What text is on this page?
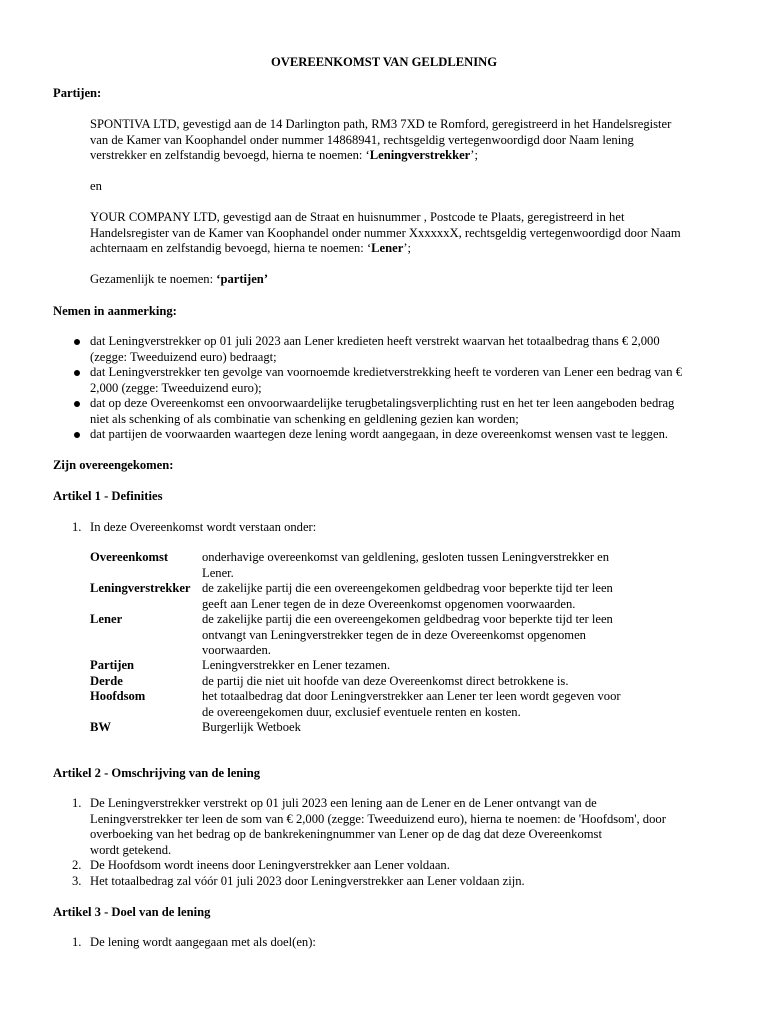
OVEREENKOMST VAN GELDLENING
Partijen:
SPONTIVA LTD, gevestigd aan de 14 Darlington path, RM3 7XD te Romford, geregistreerd in het Handelsregister
van de Kamer van Koophandel onder nummer 14868941, rechtsgeldig vertegenwoordigd door Naam lening
verstrekker en zelfstandig bevoegd, hierna te noemen: ‘Leningverstrekker’;
en
YOUR COMPANY LTD, gevestigd aan de Straat en huisnummer , Postcode te Plaats, geregistreerd in het
Handelsregister van de Kamer van Koophandel onder nummer XxxxxxX, rechtsgeldig vertegenwoordigd door Naam
achternaam en zelfstandig bevoegd, hierna te noemen: ‘Lener’;
Gezamenlijk te noemen: ‘partijen’
Nemen in aanmerking:
dat Leningverstrekker op 01 juli 2023 aan Lener kredieten heeft verstrekt waarvan het totaalbedrag thans € 2,000
(zegge: Tweeduizend euro) bedraagt;
dat Leningverstrekker ten gevolge van voornoemde kredietverstrekking heeft te vorderen van Lener een bedrag van €
2,000 (zegge: Tweeduizend euro);
dat op deze Overeenkomst een onvoorwaardelijke terugbetalingsverplichting rust en het ter leen aangeboden bedrag
niet als schenking of als combinatie van schenking en geldlening gezien kan worden;
dat partijen de voorwaarden waartegen deze lening wordt aangegaan, in deze overeenkomst wensen vast te leggen.
Zijn overeengekomen:
Artikel 1 - Definities
1. In deze Overeenkomst wordt verstaan onder:
Overeenkomst	onderhavige overeenkomst van geldlening, gesloten tussen Leningverstrekker en
Lener.
Leningverstrekker de zakelijke partij die een overeengekomen geldbedrag voor beperkte tijd ter leen
geeft aan Lener tegen de in deze Overeenkomst opgenomen voorwaarden.
Lener	de zakelijke partij die een overeengekomen geldbedrag voor beperkte tijd ter leen
ontvangt van Leningverstrekker tegen de in deze Overeenkomst opgenomen
voorwaarden.
Partijen	Leningverstrekker en Lener tezamen.
Derde	de partij die niet uit hoofde van deze Overeenkomst direct betrokkene is.
Hoofdsom	het totaalbedrag dat door Leningverstrekker aan Lener ter leen wordt gegeven voor
de overeengekomen duur, exclusief eventuele renten en kosten.
BW	Burgerlijk Wetboek
Artikel 2 - Omschrijving van de lening
1. De Leningverstrekker verstrekt op 01 juli 2023 een lening aan de Lener en de Lener ontvangt van de
Leningverstrekker ter leen de som van € 2,000 (zegge: Tweeduizend euro), hierna te noemen: de 'Hoofdsom', door
overboeking van het bedrag op de bankrekeningnummer van Lener op de dag dat deze Overeenkomst
wordt getekend.
2. De Hoofdsom wordt ineens door Leningverstrekker aan Lener voldaan.
3. Het totaalbedrag zal vóór 01 juli 2023 door Leningverstrekker aan Lener voldaan zijn.
Artikel 3 - Doel van de lening
1. De lening wordt aangegaan met als doel(en):
